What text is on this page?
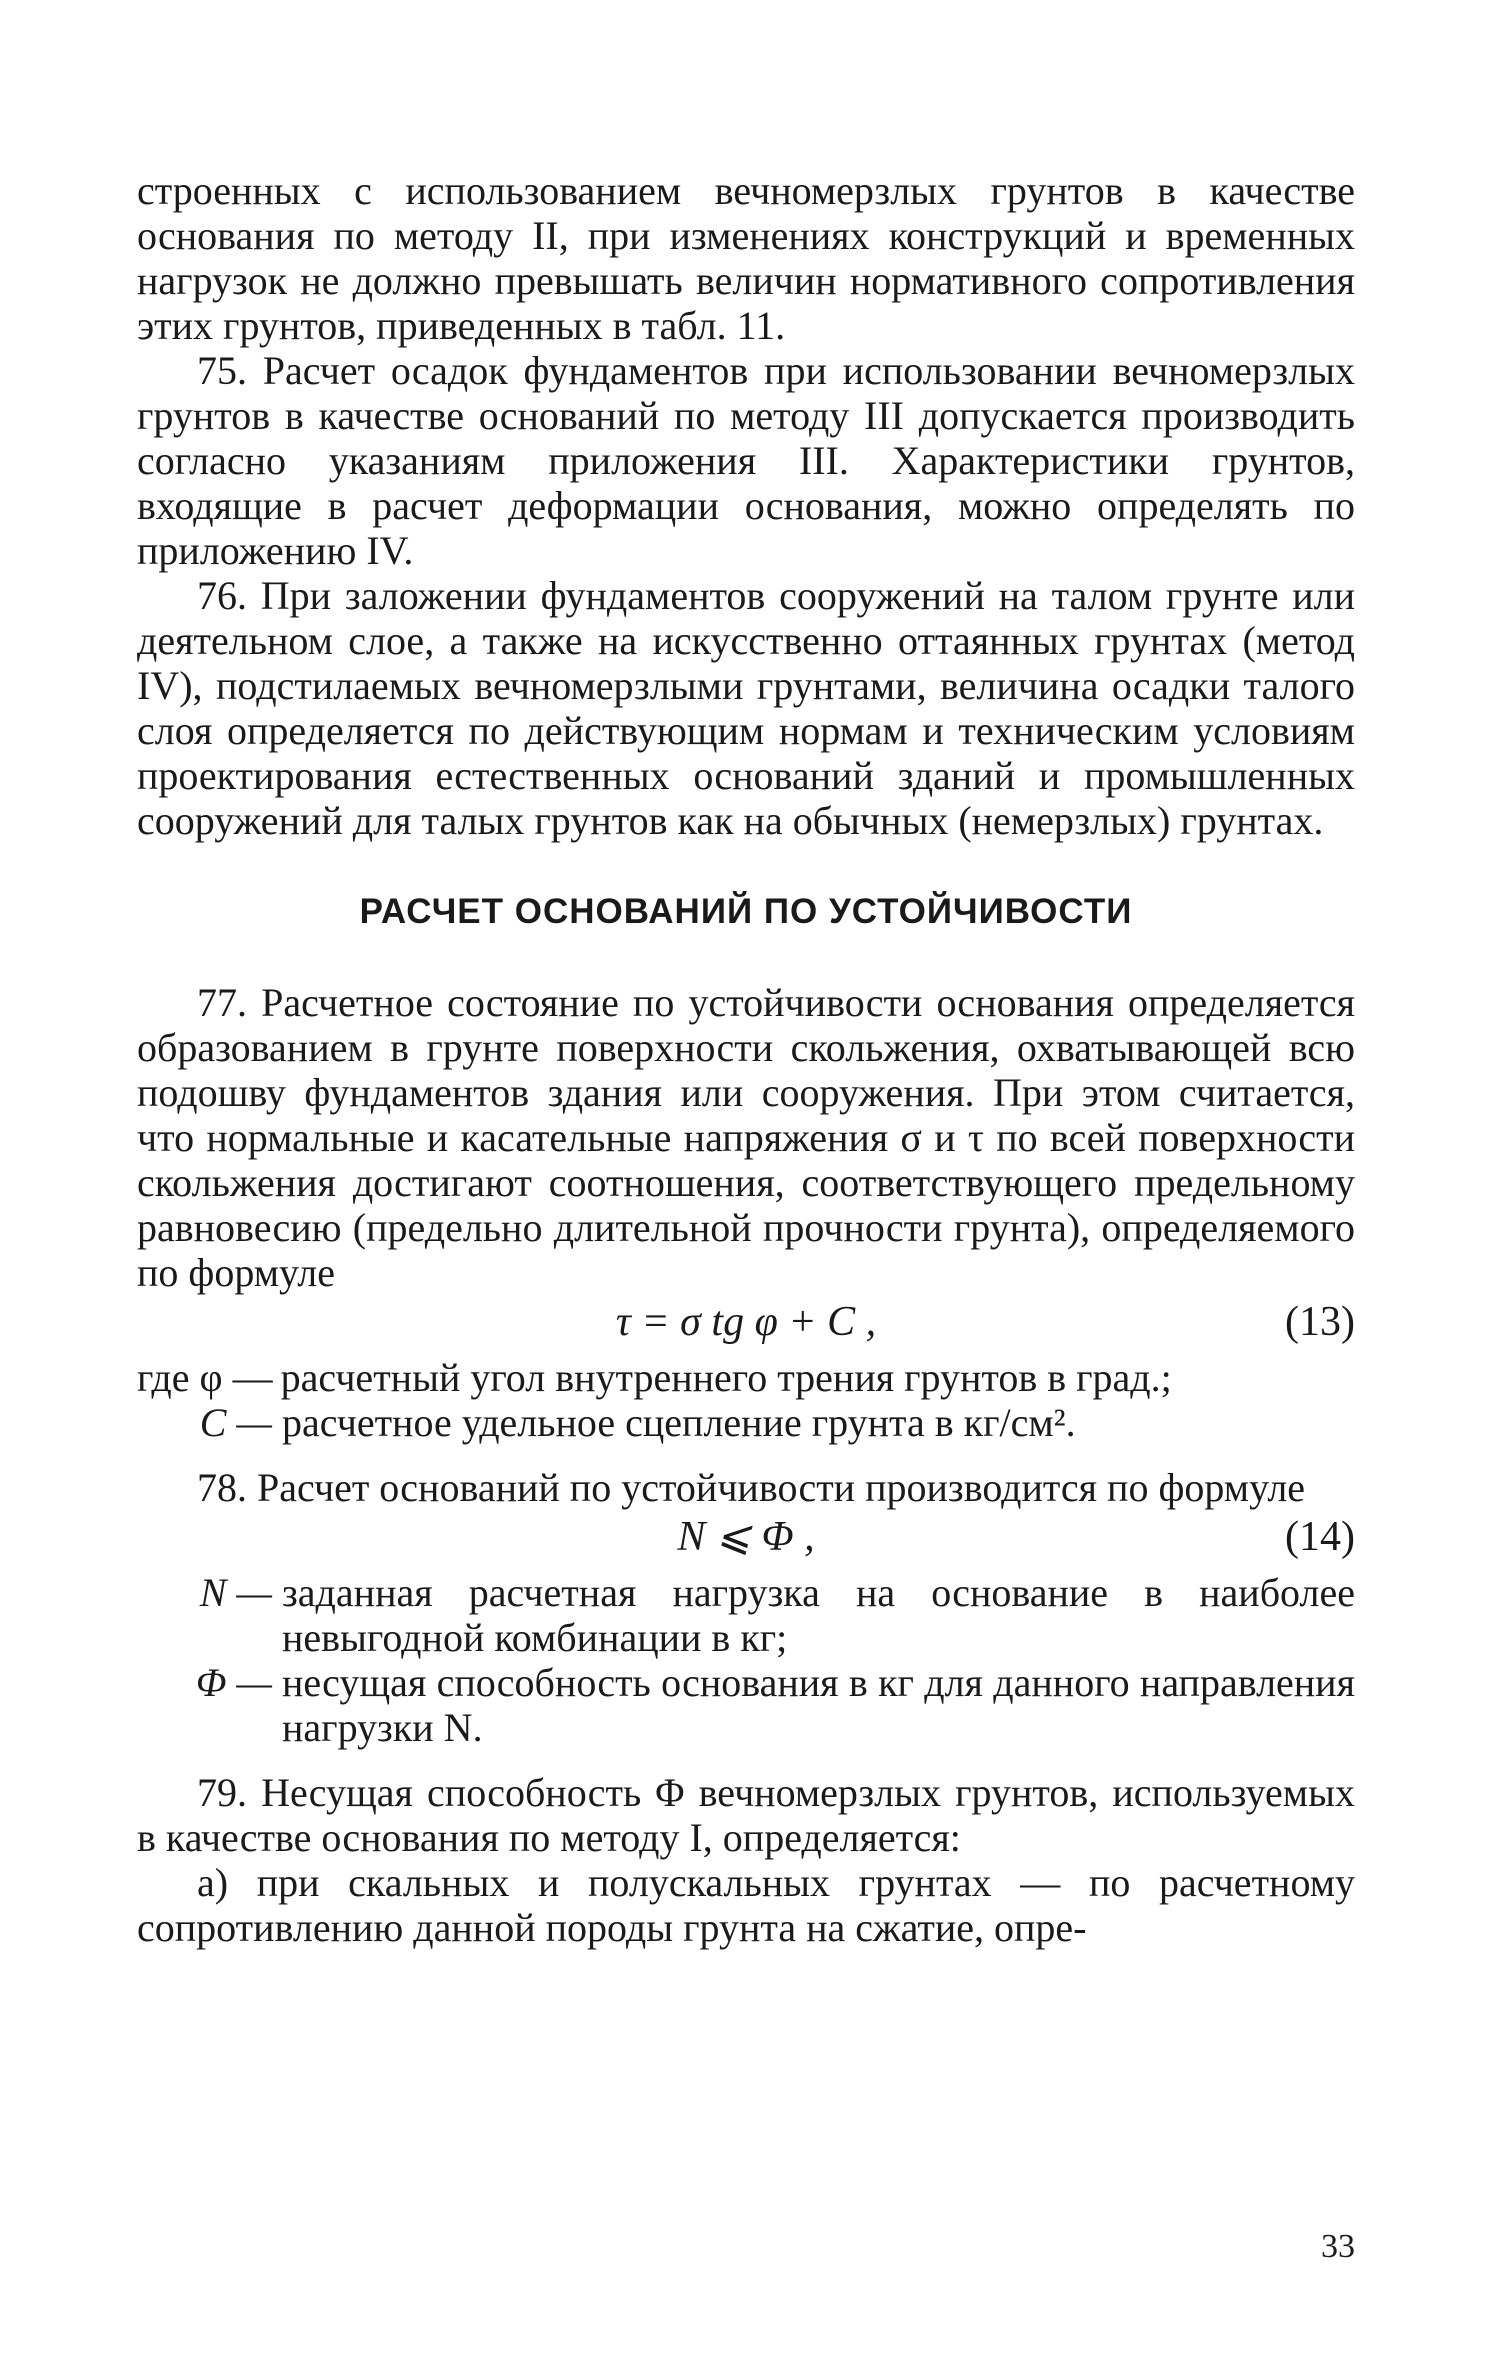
строенных с использованием вечномерзлых грунтов в качестве основания по методу II, при изменениях конструкций и временных нагрузок не должно превышать величин нормативного сопротивления этих грунтов, приведенных в табл. 11.

75. Расчет осадок фундаментов при использовании вечномерзлых грунтов в качестве оснований по методу III допускается производить согласно указаниям приложения III. Характеристики грунтов, входящие в расчет деформации основания, можно определять по приложению IV.

76. При заложении фундаментов сооружений на талом грунте или деятельном слое, а также на искусственно оттаянных грунтах (метод IV), подстилаемых вечномерзлыми грунтами, величина осадки талого слоя определяется по действующим нормам и техническим условиям проектирования естественных оснований зданий и промышленных сооружений для талых грунтов как на обычных (немерзлых) грунтах.

РАСЧЕТ ОСНОВАНИЙ ПО УСТОЙЧИВОСТИ

77. Расчетное состояние по устойчивости основания определяется образованием в грунте поверхности скольжения, охватывающей всю подошву фундаментов здания или сооружения. При этом считается, что нормальные и касательные напряжения σ и τ по всей поверхности скольжения достигают соотношения, соответствующего предельному равновесию (предельно длительной прочности грунта), определяемого по формуле

τ = σ tg φ + C ,	(13)
где φ — расчетный угол внутреннего трения грунтов в град.;
C — расчетное удельное сцепление грунта в кг/см².

78. Расчет оснований по устойчивости производится по формуле

N ⩽ Φ ,	(14)
N — заданная расчетная нагрузка на основание в наиболее невыгодной комбинации в кг;
Φ — несущая способность основания в кг для данного направления нагрузки N.

79. Несущая способность Φ вечномерзлых грунтов, используемых в качестве основания по методу I, определяется:

а) при скальных и полускальных грунтах — по расчетному сопротивлению данной породы грунта на сжатие, опре-

33
